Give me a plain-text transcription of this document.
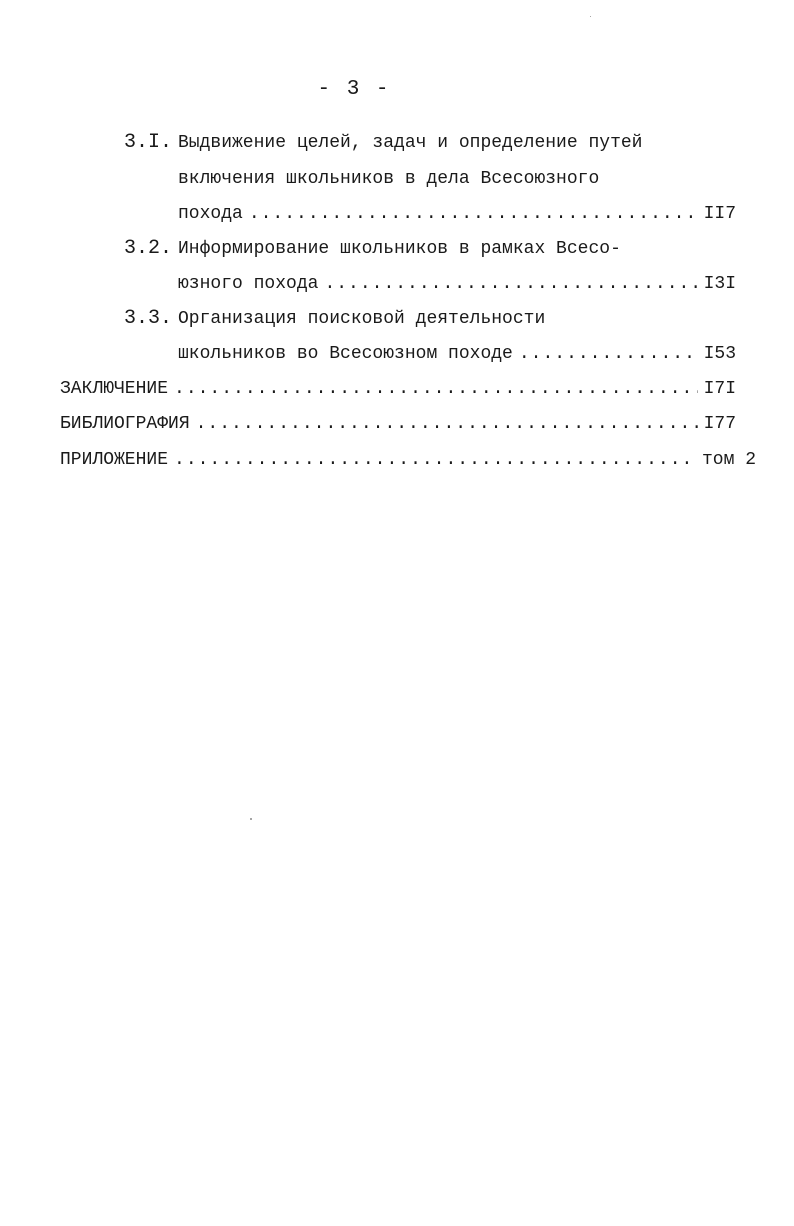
- 3 -
3.I. Выдвижение целей, задач и определение путей
включения школьников в дела Всесоюзного
похода .....	II7
3.2. Информирование школьников в рамках Всесо-
юзного похода .....	I3I
3.3. Организация поисковой деятельности
школьников во Всесоюзном походе .....	I53
ЗАКЛЮЧЕНИЕ .....	I7I
БИБЛИОГРАФИЯ .....	I77
ПРИЛОЖЕНИЕ .....	том 2
